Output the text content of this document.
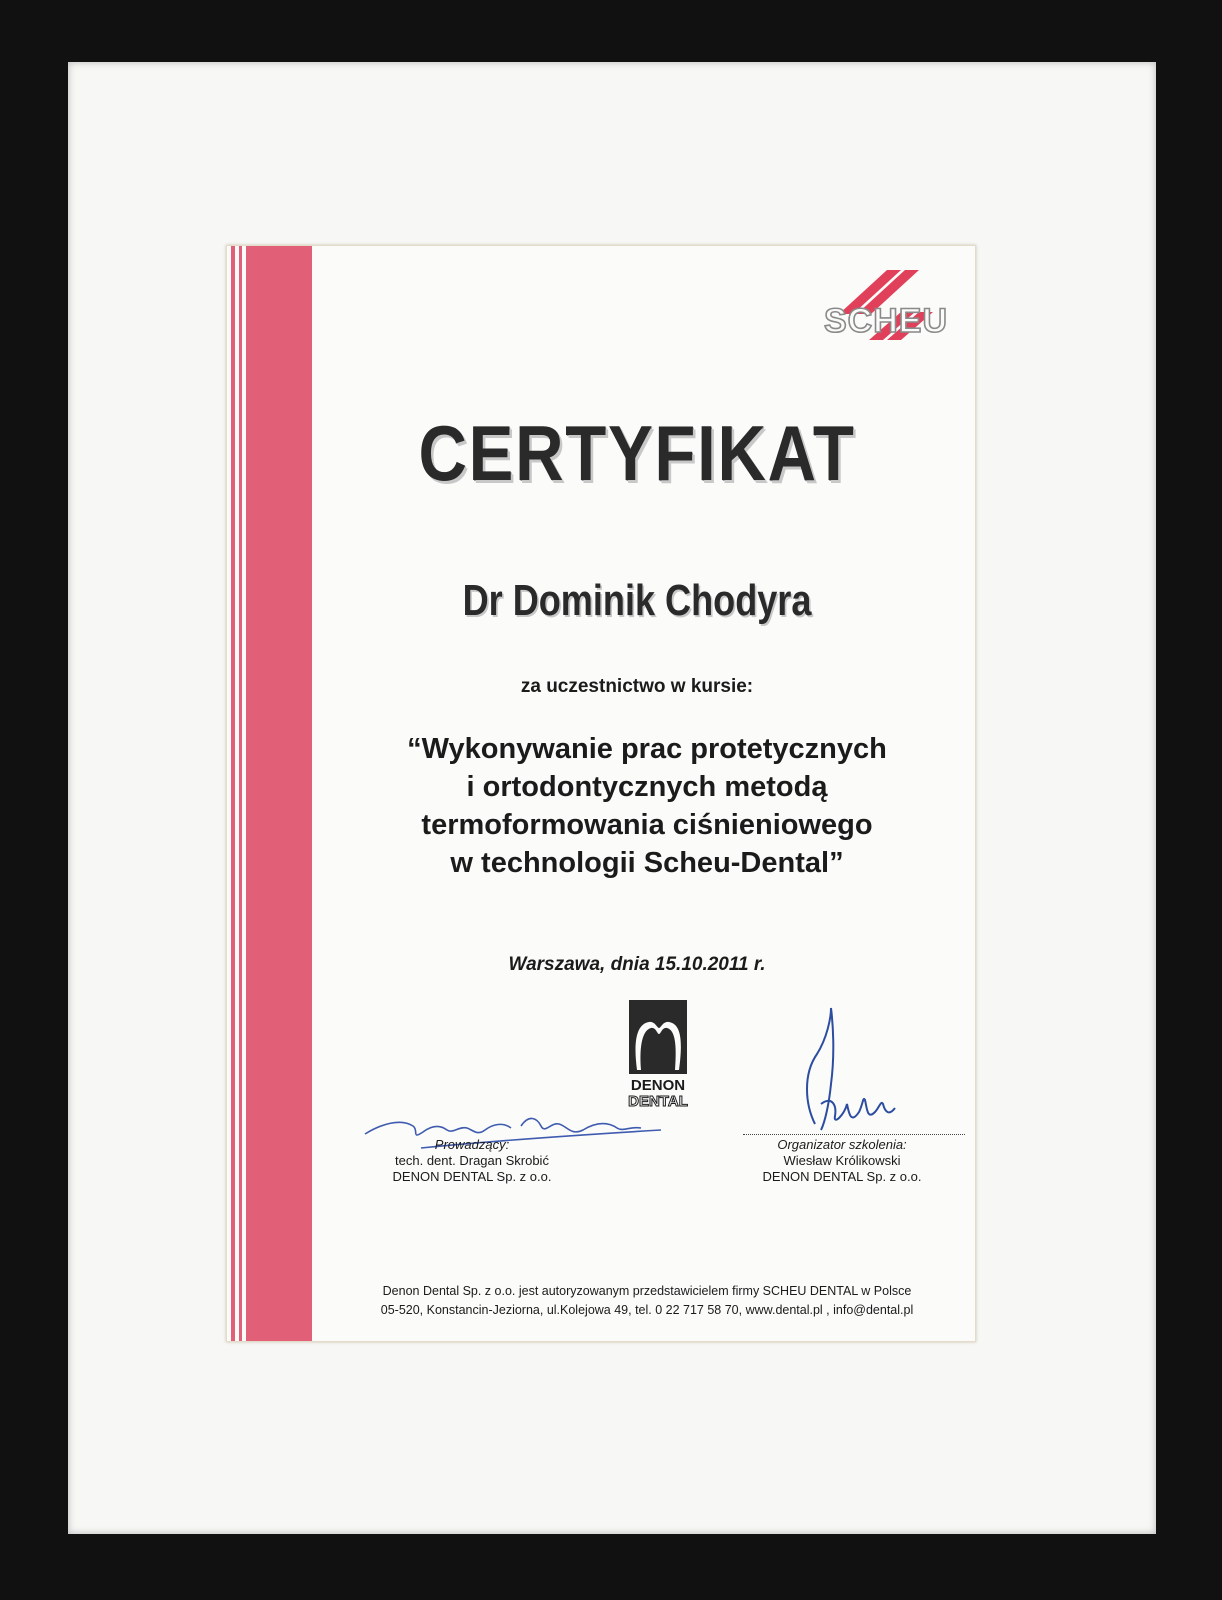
SCHEU
CERTYFIKAT
Dr Dominik Chodyra
za uczestnictwo w kursie:
“Wykonywanie prac protetycznych
i ortodontycznych metodą
termoformowania ciśnieniowego
w technologii Scheu-Dental”
Warszawa, dnia 15.10.2011 r.
DENON
DENTAL
Prowadzący:
tech. dent. Dragan Skrobić
DENON DENTAL Sp. z o.o.
Organizator szkolenia:
Wiesław Królikowski
DENON DENTAL Sp. z o.o.
Denon Dental Sp. z o.o. jest autoryzowanym przedstawicielem firmy SCHEU DENTAL w Polsce
05-520, Konstancin-Jeziorna, ul.Kolejowa 49, tel. 0 22 717 58 70, www.dental.pl , info@dental.pl
